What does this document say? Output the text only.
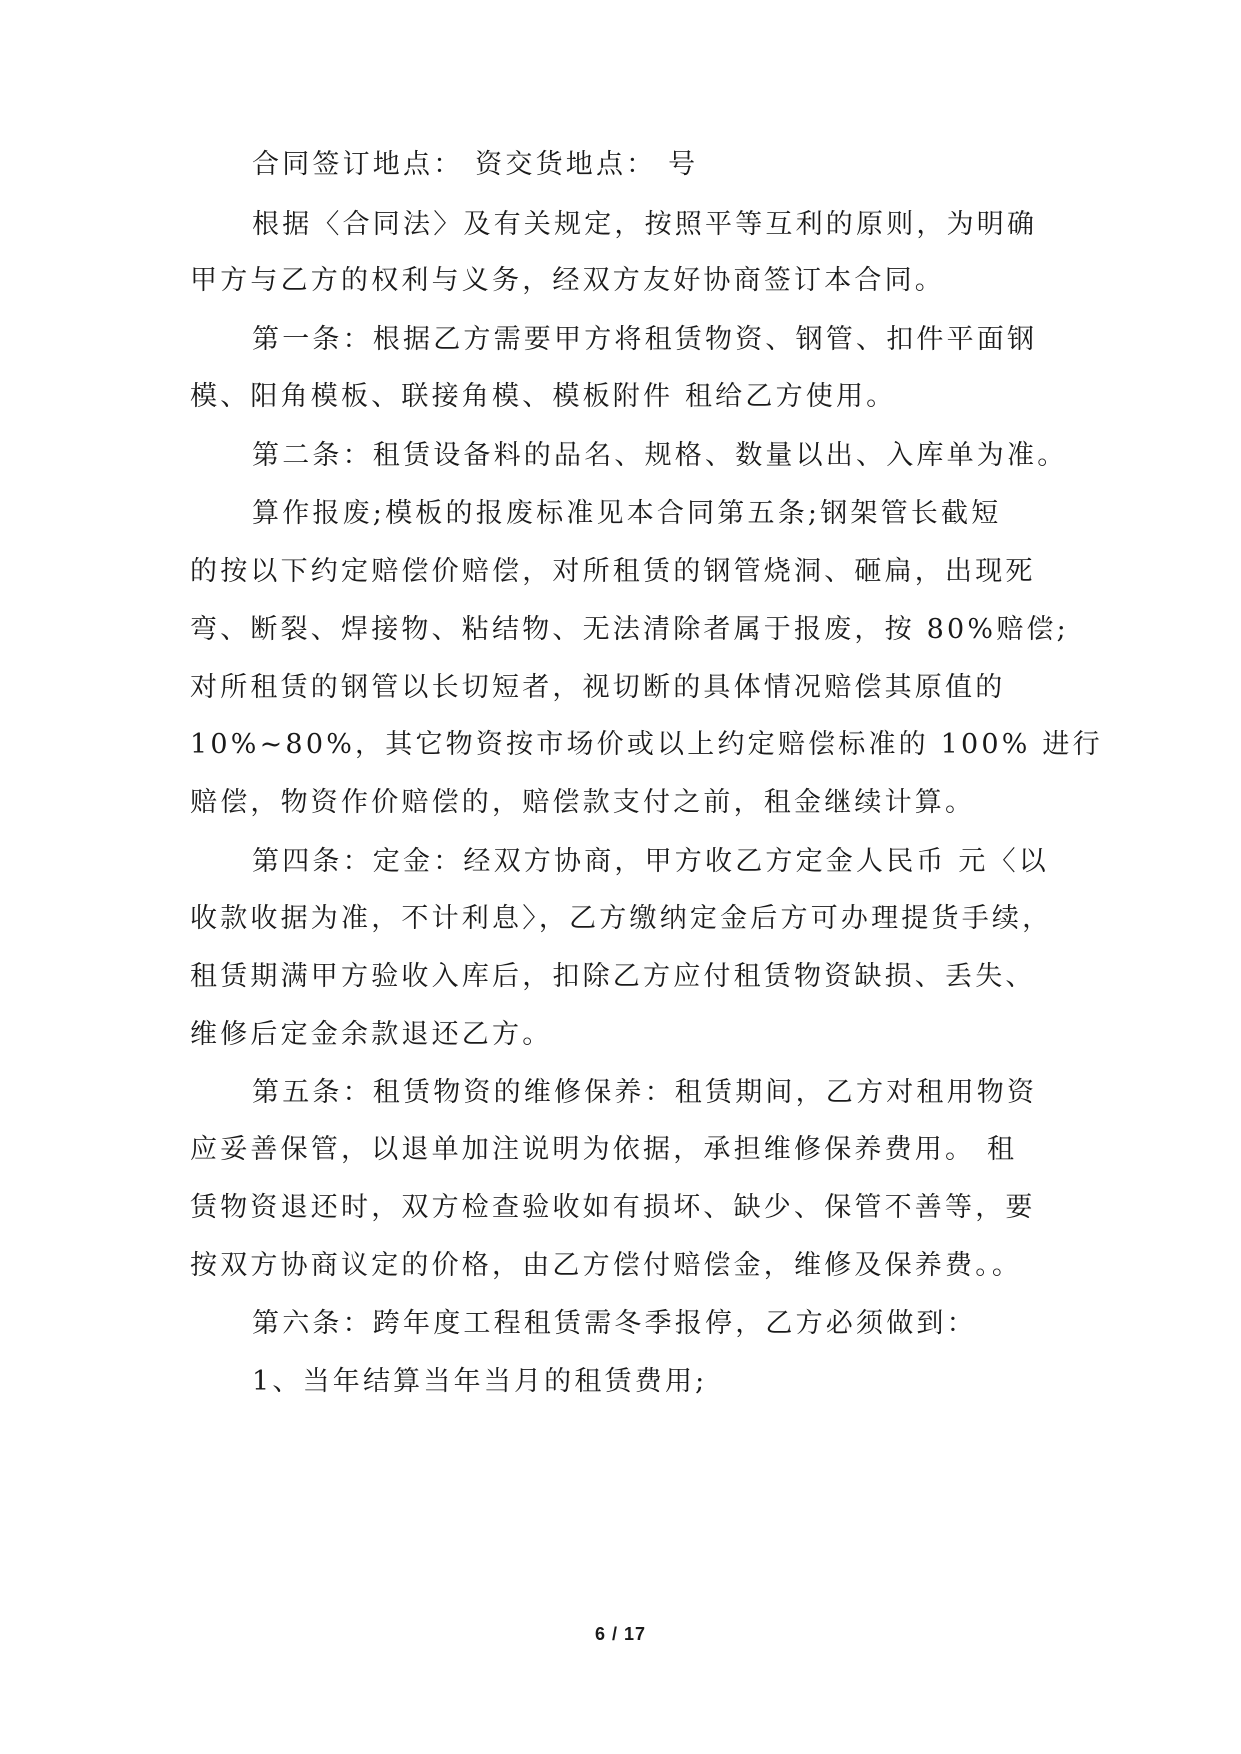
合同签订地点： 资交货地点： 号
根据〈合同法〉及有关规定，按照平等互利的原则，为明确
甲方与乙方的权利与义务，经双方友好协商签订本合同。
第一条：根据乙方需要甲方将租赁物资、钢管、扣件平面钢
模、阳角模板、联接角模、模板附件 租给乙方使用。
第二条：租赁设备料的品名、规格、数量以出、入库单为准。
算作报废;模板的报废标准见本合同第五条;钢架管长截短
的按以下约定赔偿价赔偿，对所租赁的钢管烧洞、砸扁，出现死
弯、断裂、焊接物、粘结物、无法清除者属于报废，按 80%赔偿;
对所租赁的钢管以长切短者，视切断的具体情况赔偿其原值的
10%~80%，其它物资按市场价或以上约定赔偿标准的 100% 进行
赔偿，物资作价赔偿的，赔偿款支付之前，租金继续计算。
第四条：定金：经双方协商，甲方收乙方定金人民币 元〈以
收款收据为准，不计利息〉，乙方缴纳定金后方可办理提货手续，
租赁期满甲方验收入库后，扣除乙方应付租赁物资缺损、丢失、
维修后定金余款退还乙方。
第五条：租赁物资的维修保养：租赁期间，乙方对租用物资
应妥善保管，以退单加注说明为依据，承担维修保养费用。 租
赁物资退还时，双方检查验收如有损坏、缺少、保管不善等，要
按双方协商议定的价格，由乙方偿付赔偿金，维修及保养费。。
第六条：跨年度工程租赁需冬季报停，乙方必须做到：
1、当年结算当年当月的租赁费用;
6 / 17
